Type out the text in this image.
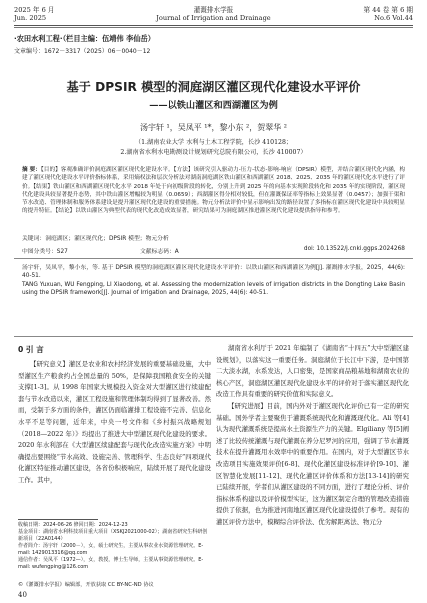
2025 年 6 月
Jun. 2025
灌溉排水学报
Journal of Irrigation and Drainage
第 44 卷 第 6 期
No.6 Vol.44
·农田水利工程·（栏目主编：伍靖伟 李仙岳）
文章编号：1672－3317（2025）06－0040－12
基于 DPSIR 模型的洞庭湖区灌区现代化建设水平评价
——以铁山灌区和西湖灌区为例
汤宇轩 ¹，吴凤平 ¹*，黎小东 ²，贺翠华 ²
（1.湖南农业大学 水利与土木工程学院，长沙 410128；
2.湖南省水利水电勘测设计规划研究总院有限公司，长沙 410007）
摘 要：【目的】客观准确评价洞庭湖区灌区现代化建设水平。【方法】该研究引入驱动力-压力-状态-影响-响应（DPSIR）模型，并结合灌区现代化内涵，构建了灌区现代化建设水平评价指标体系，采用熵权法和层次分析法对湖南洞庭湖区铁山灌区和西湖灌区 2018、2025、2035 年的灌区现代化水平进行了评价。【结果】铁山灌区和西湖灌区现代化水平 2018 年处于向初级阶段的转化，分别上升到 2025 年的向基本实现阶段转化和 2035 年的实现阶段，灌区现代化建设具较显著提升态势，其中铁山灌区增幅较为明显（0.0659）；西湖灌区得分相对较低，但在灌溉保证率等指标上效果显著（0.0457）；加强干渠和节水改造、管理体制和服务体系建设是提升灌区现代化建设的重要措施。物元分析法评价中显示影响出发的路径设置了多指标在灌区现代化建设中具较明显的提升特征。【结论】以铁山灌区为典型代表的现代化改造成效显著，研究结果可为洞庭湖区推进灌区现代化建设提供指导和参考。
关键词：洞庭湖区；灌区现代化；DPSIR 模型；物元分析
中图分类号：S27	文献标志码：A	doi: 10.13522/j.cnki.ggps.2024268
汤宇轩，吴凤平，黎小东，等. 基于 DPSIR 模型的洞庭湖区灌区现代化建设水平评价：以铁山灌区和西湖灌区为例[J]. 灌溉排水学报，2025，44(6): 40-51.
TANG Yuxuan, WU Fengping, LI Xiaodong, et al. Assessing the modernization levels of irrigation districts in the Dongting Lake Basin using the DPSIR framework[J]. Journal of Irrigation and Drainage, 2025, 44(6): 40-51.
0 引 言

【研究意义】灌区是农业和农村经济发展的重要基础设施，大中型灌区生产粮食约占全国总量的 50%，是保障我国粮食安全的关键支撑[1-3]。从 1998 年国家大规模投入资金对大型灌区进行续建配套与节水改造以来，灌区工程设施和管理体制均得到了显著改善。然而，受制于多方面的条件，灌区仍面临灌排工程设施不完善、信息化水平不足等问题，近年来，中央一号文件和《乡村振兴战略规划（2018—2022 年）》均提出了推进大中型灌区现代化建设的要求。2020 年水利部在《大型灌区续建配套与现代化改造实施方案》中明确提出要围绕“节水高效、设施完善、管理科学、生态良好”四项现代化灌区特征推动灌区建设，各省份积极响应，陆续开展了现代化建设工作。其中，

湖南省水利厅于 2021 年编制了《湖南省“十四五”大中型灌区建设规划》，以落实这一重要任务。洞庭湖位于长江中下游，是中国第二大淡水湖，水系发达，人口密集，是国家商品粮基地和湖南农业的核心产区，洞庭湖区灌区现代化建设水平的评价对于落实灌区现代化改造工作具有重要的研究价值和实际意义。

【研究进展】目前，国内外对于灌区现代化评价已有一定的研究基础。国外学者主要聚焦于灌溉系统现代化和灌溉现代化。Ali 等[4]认为现代灌溉系统是提高水土资源生产力的关键。Elgiliany 等[5]阐述了比较传统灌溉与现代灌溉在养分尼罗河的应用，强调了节水灌溉技术在提升灌溉用水效率中的重要作用。在国内，对于大型灌区节水改造项目实施效果评价[6-8]、现代化灌区建设标准评价[9-10]、灌区智慧化发展[11-12]、现代化灌区评价体系和方法[13-14]的研究已陆续开展，学者们从灌区建设的不同方面，进行了理论分析、评价指标体系构建以及评价模型实证，这为灌区制定合理的管理改造措施提供了依据，也为推进河南地区灌区现代化建设提供了参考。现有的灌区评价方法中，模糊综合评价法、优劣解距离法、物元分

收稿日期：2024-06-26 修回日期：2024-12-23
基金项目：湖南省水利科技项目重大项目（XSKJ2021000-02）；湖南省研究生科研创新项目（22A0144）
作者简介：汤宇轩（2000－），女，硕士研究生，主要从事农业水资源管理研究。E-mail: 1429013316@qq.com
通信作者：吴凤平（1972—），女，教授，博士生导师，主要从事资源管理研究。E-mail: wufengping@126.com
©《灌溉排水学报》编辑部，开放获取 CC BY-NC-ND 协议
40
